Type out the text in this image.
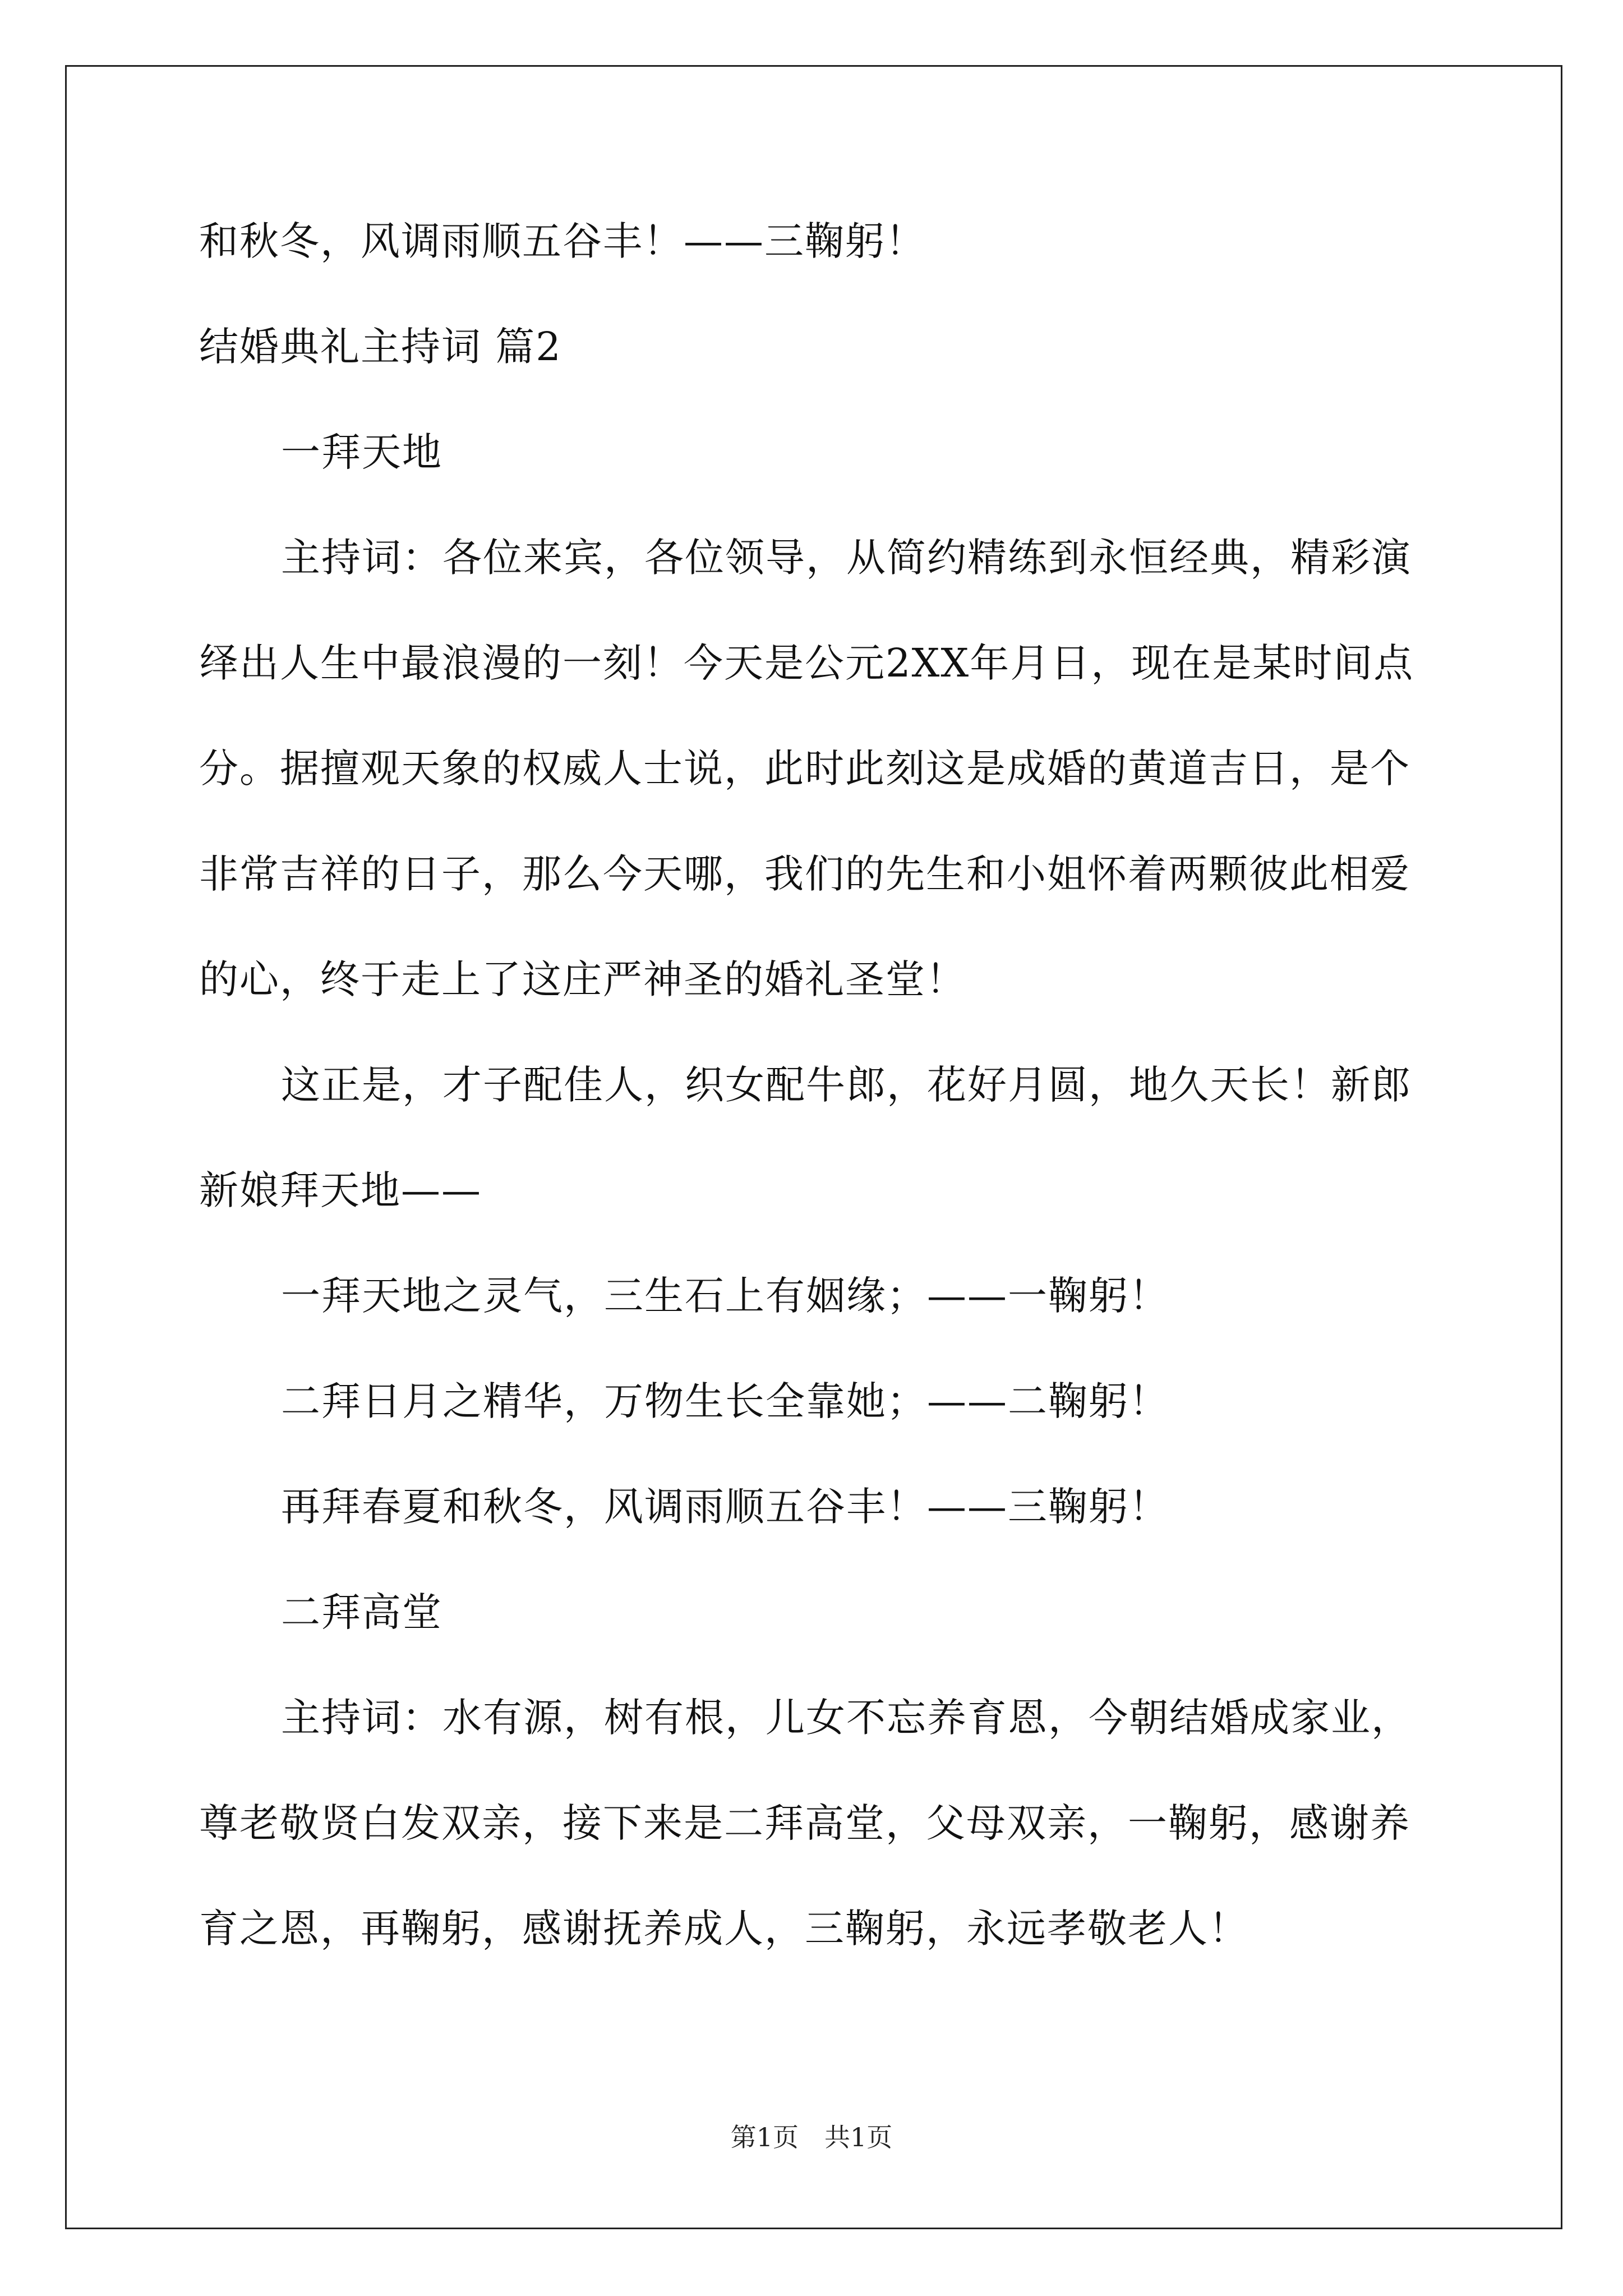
和秋冬，风调雨顺五谷丰！——三鞠躬！
结婚典礼主持词 篇2
一拜天地
主持词：各位来宾，各位领导，从简约精练到永恒经典，精彩演
绎出人生中最浪漫的一刻！今天是公元2XX年月日，现在是某时间点
分。据擅观天象的权威人士说，此时此刻这是成婚的黄道吉日，是个
非常吉祥的日子，那么今天哪，我们的先生和小姐怀着两颗彼此相爱
的心，终于走上了这庄严神圣的婚礼圣堂！
这正是，才子配佳人，织女配牛郎，花好月圆，地久天长！新郎
新娘拜天地——
一拜天地之灵气，三生石上有姻缘；——一鞠躬！
二拜日月之精华，万物生长全靠她；——二鞠躬！
再拜春夏和秋冬，风调雨顺五谷丰！——三鞠躬！
二拜高堂
主持词：水有源，树有根，儿女不忘养育恩，今朝结婚成家业，
尊老敬贤白发双亲，接下来是二拜高堂，父母双亲，一鞠躬，感谢养
育之恩，再鞠躬，感谢抚养成人，三鞠躬，永远孝敬老人！
第1页　共1页
